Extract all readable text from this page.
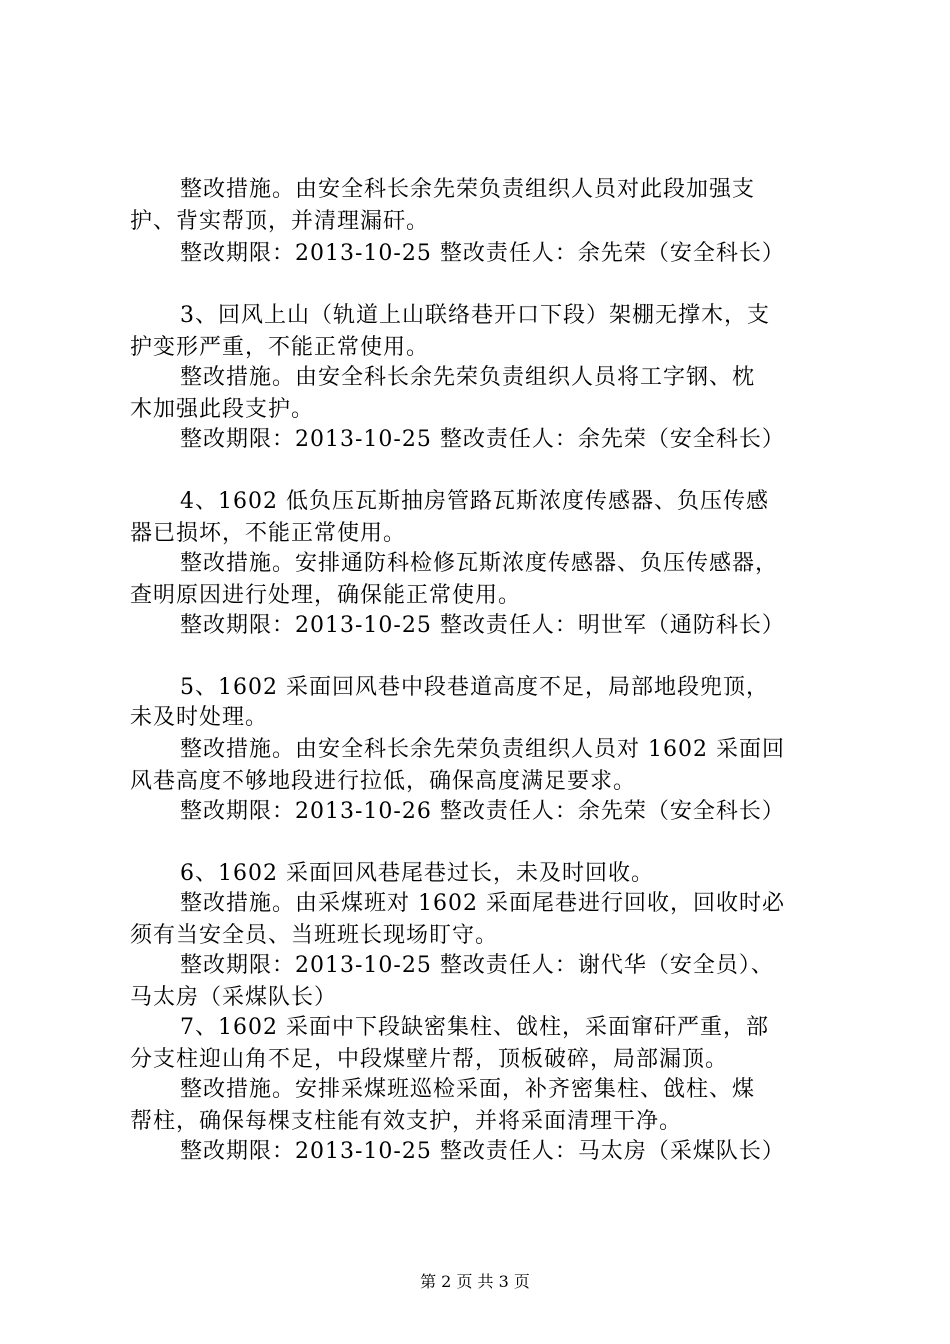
整改措施。由安全科长余先荣负责组织人员对此段加强支
护、背实帮顶，并清理漏矸。
整改期限：2013-10-25 整改责任人：余先荣（安全科长）
3、回风上山（轨道上山联络巷开口下段）架棚无撑木，支
护变形严重，不能正常使用。
整改措施。由安全科长余先荣负责组织人员将工字钢、枕
木加强此段支护。
整改期限：2013-10-25 整改责任人：余先荣（安全科长）
4、1602 低负压瓦斯抽房管路瓦斯浓度传感器、负压传感
器已损坏，不能正常使用。
整改措施。安排通防科检修瓦斯浓度传感器、负压传感器，
查明原因进行处理，确保能正常使用。
整改期限：2013-10-25 整改责任人：明世军（通防科长）
5、1602 采面回风巷中段巷道高度不足，局部地段兜顶，
未及时处理。
整改措施。由安全科长余先荣负责组织人员对 1602 采面回
风巷高度不够地段进行拉低，确保高度满足要求。
整改期限：2013-10-26 整改责任人：余先荣（安全科长）
6、1602 采面回风巷尾巷过长，未及时回收。
整改措施。由采煤班对 1602 采面尾巷进行回收，回收时必
须有当安全员、当班班长现场盯守。
整改期限：2013-10-25 整改责任人：谢代华（安全员）、
马太房（采煤队长）
7、1602 采面中下段缺密集柱、戗柱，采面窜矸严重，部
分支柱迎山角不足，中段煤壁片帮，顶板破碎，局部漏顶。
整改措施。安排采煤班巡检采面，补齐密集柱、戗柱、煤
帮柱，确保每棵支柱能有效支护，并将采面清理干净。
整改期限：2013-10-25 整改责任人：马太房（采煤队长）
第 2 页 共 3 页
